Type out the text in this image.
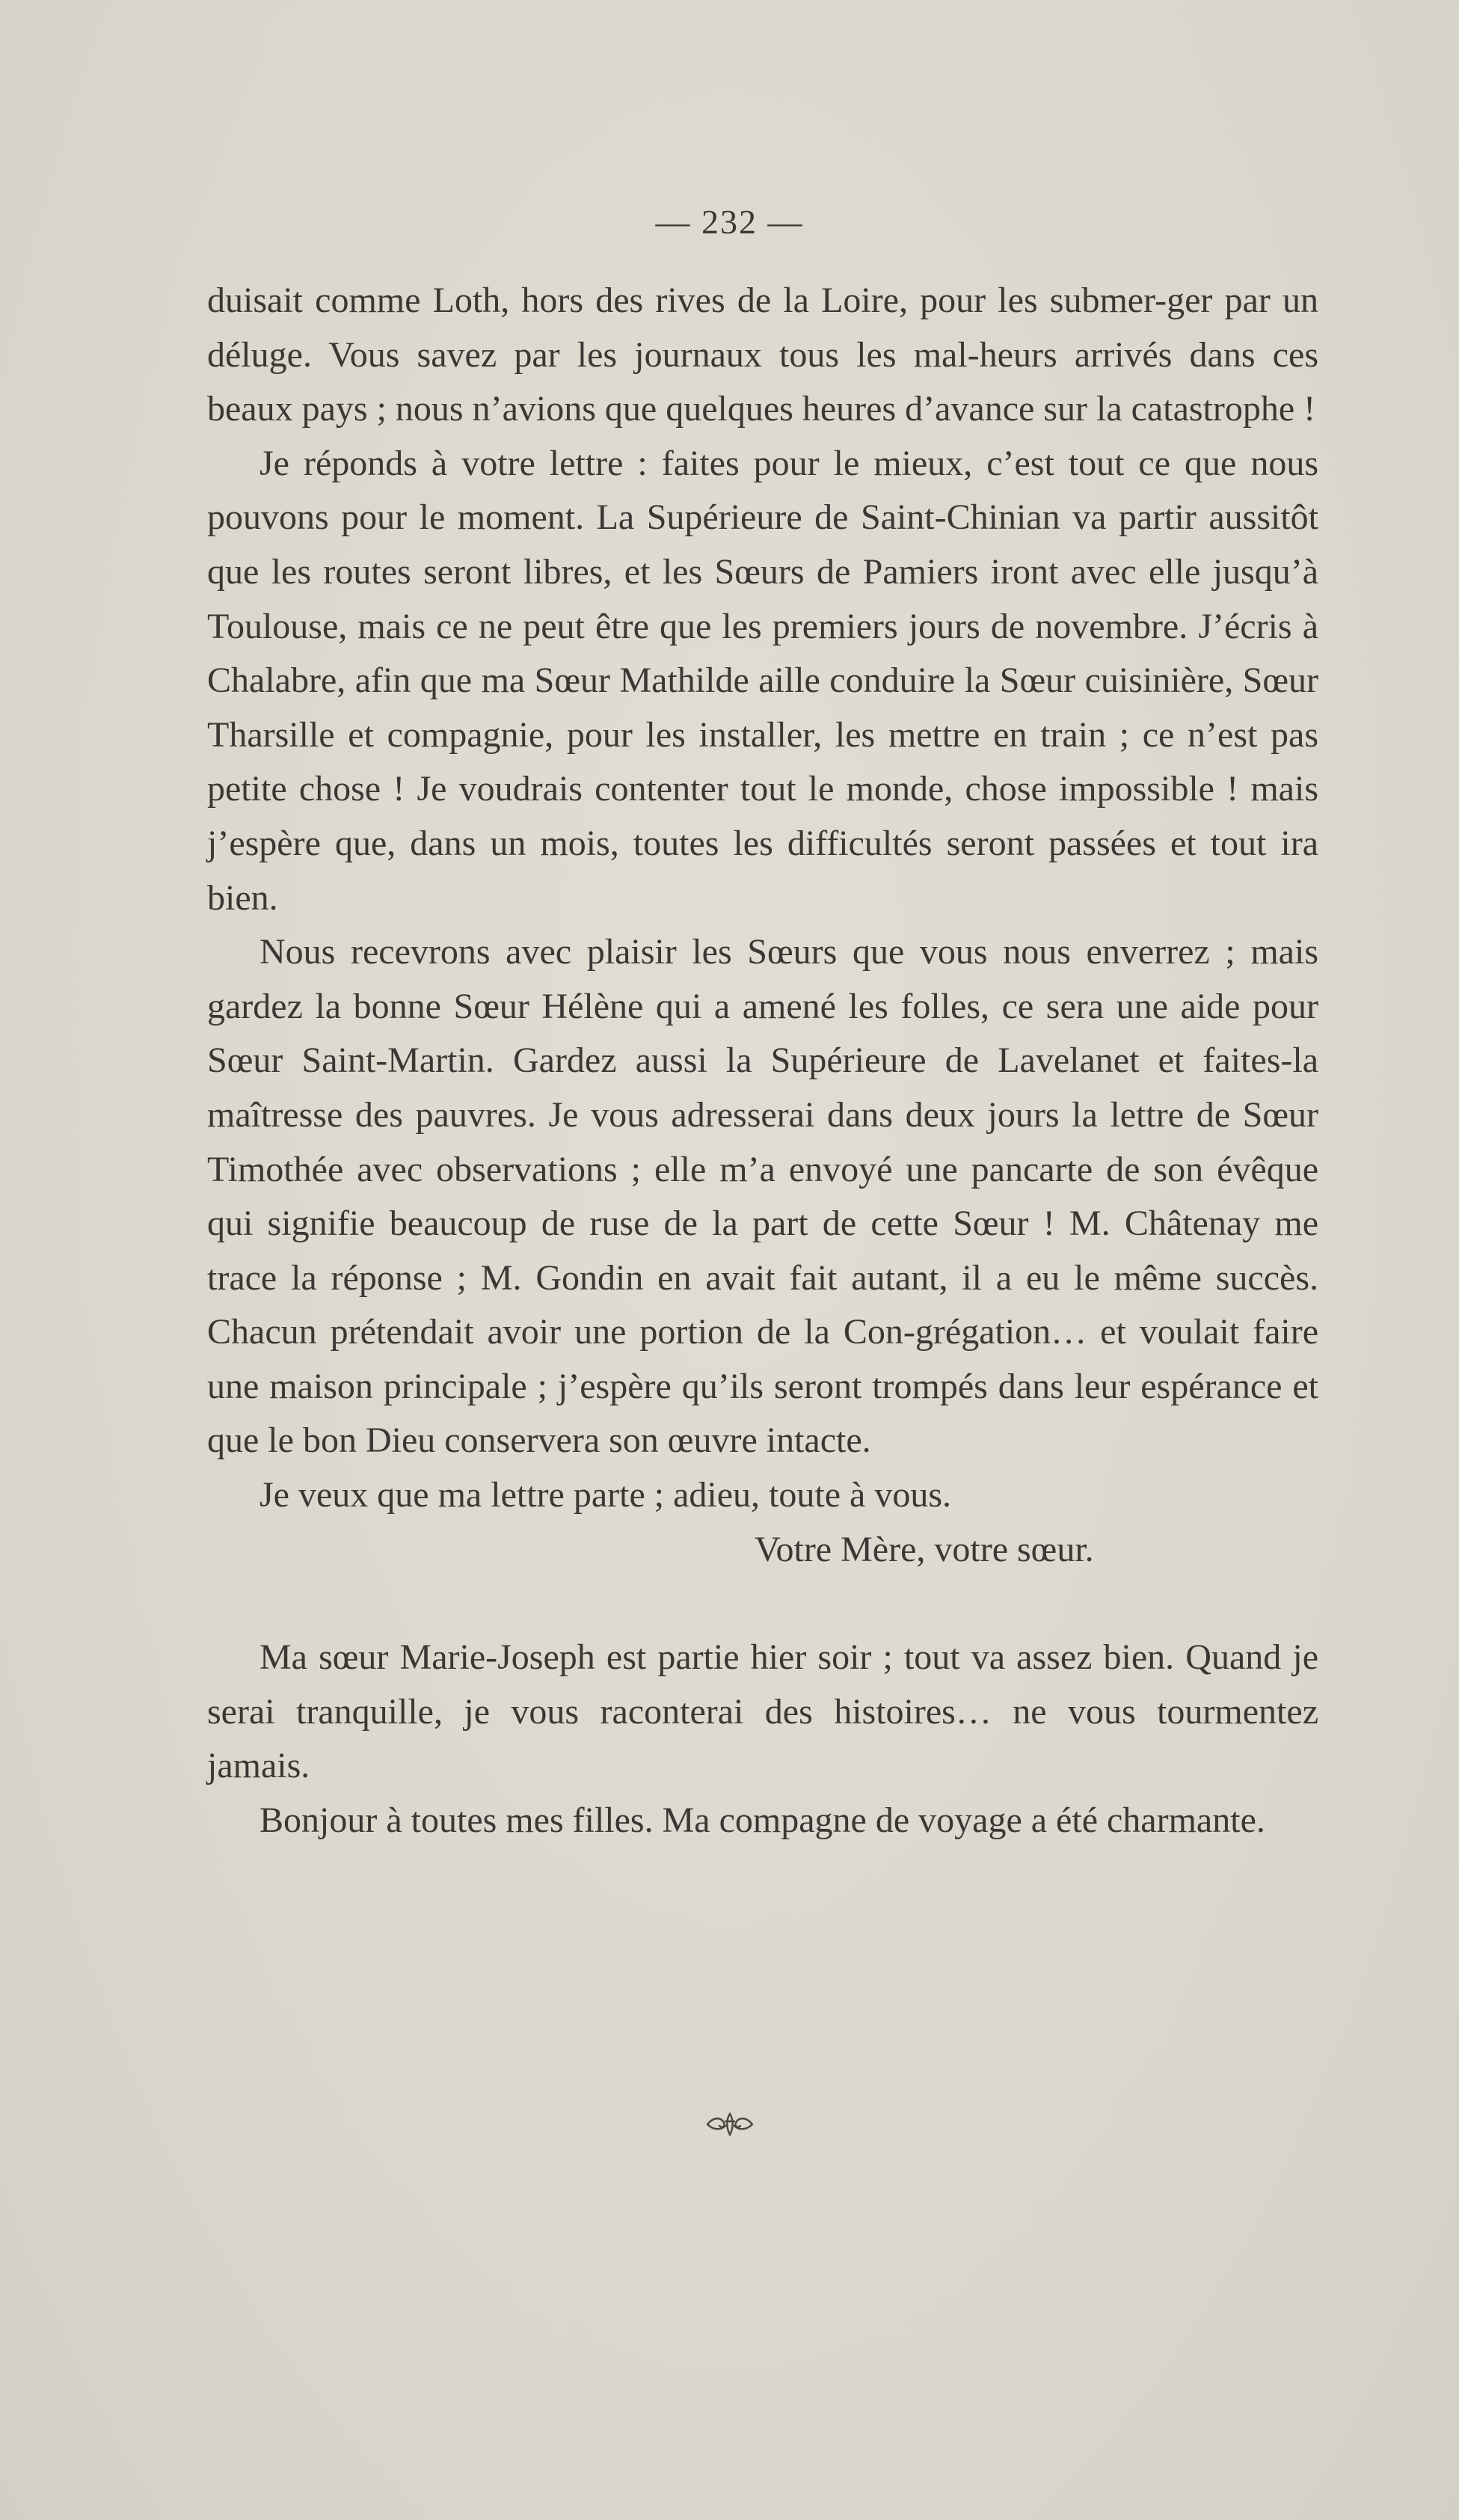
— 232 —

duisait comme Loth, hors des rives de la Loire, pour les submer-ger par un déluge. Vous savez par les journaux tous les mal-heurs arrivés dans ces beaux pays ; nous n’avions que quelques heures d’avance sur la catastrophe !

Je réponds à votre lettre : faites pour le mieux, c’est tout ce que nous pouvons pour le moment. La Supérieure de Saint-Chinian va partir aussitôt que les routes seront libres, et les Sœurs de Pamiers iront avec elle jusqu’à Toulouse, mais ce ne peut être que les premiers jours de novembre. J’écris à Chalabre, afin que ma Sœur Mathilde aille conduire la Sœur cuisinière, Sœur Tharsille et compagnie, pour les installer, les mettre en train ; ce n’est pas petite chose ! Je voudrais contenter tout le monde, chose impossible ! mais j’espère que, dans un mois, toutes les difficultés seront passées et tout ira bien.

Nous recevrons avec plaisir les Sœurs que vous nous enverrez ; mais gardez la bonne Sœur Hélène qui a amené les folles, ce sera une aide pour Sœur Saint-Martin. Gardez aussi la Supérieure de Lavelanet et faites-la maîtresse des pauvres. Je vous adresserai dans deux jours la lettre de Sœur Timothée avec observations ; elle m’a envoyé une pancarte de son évêque qui signifie beaucoup de ruse de la part de cette Sœur ! M. Châtenay me trace la réponse ; M. Gondin en avait fait autant, il a eu le même succès. Chacun prétendait avoir une portion de la Con-grégation… et voulait faire une maison principale ; j’espère qu’ils seront trompés dans leur espérance et que le bon Dieu conservera son œuvre intacte.

Je veux que ma lettre parte ; adieu, toute à vous.

Votre Mère, votre sœur.

Ma sœur Marie-Joseph est partie hier soir ; tout va assez bien. Quand je serai tranquille, je vous raconterai des histoires… ne vous tourmentez jamais.

Bonjour à toutes mes filles. Ma compagne de voyage a été charmante.
